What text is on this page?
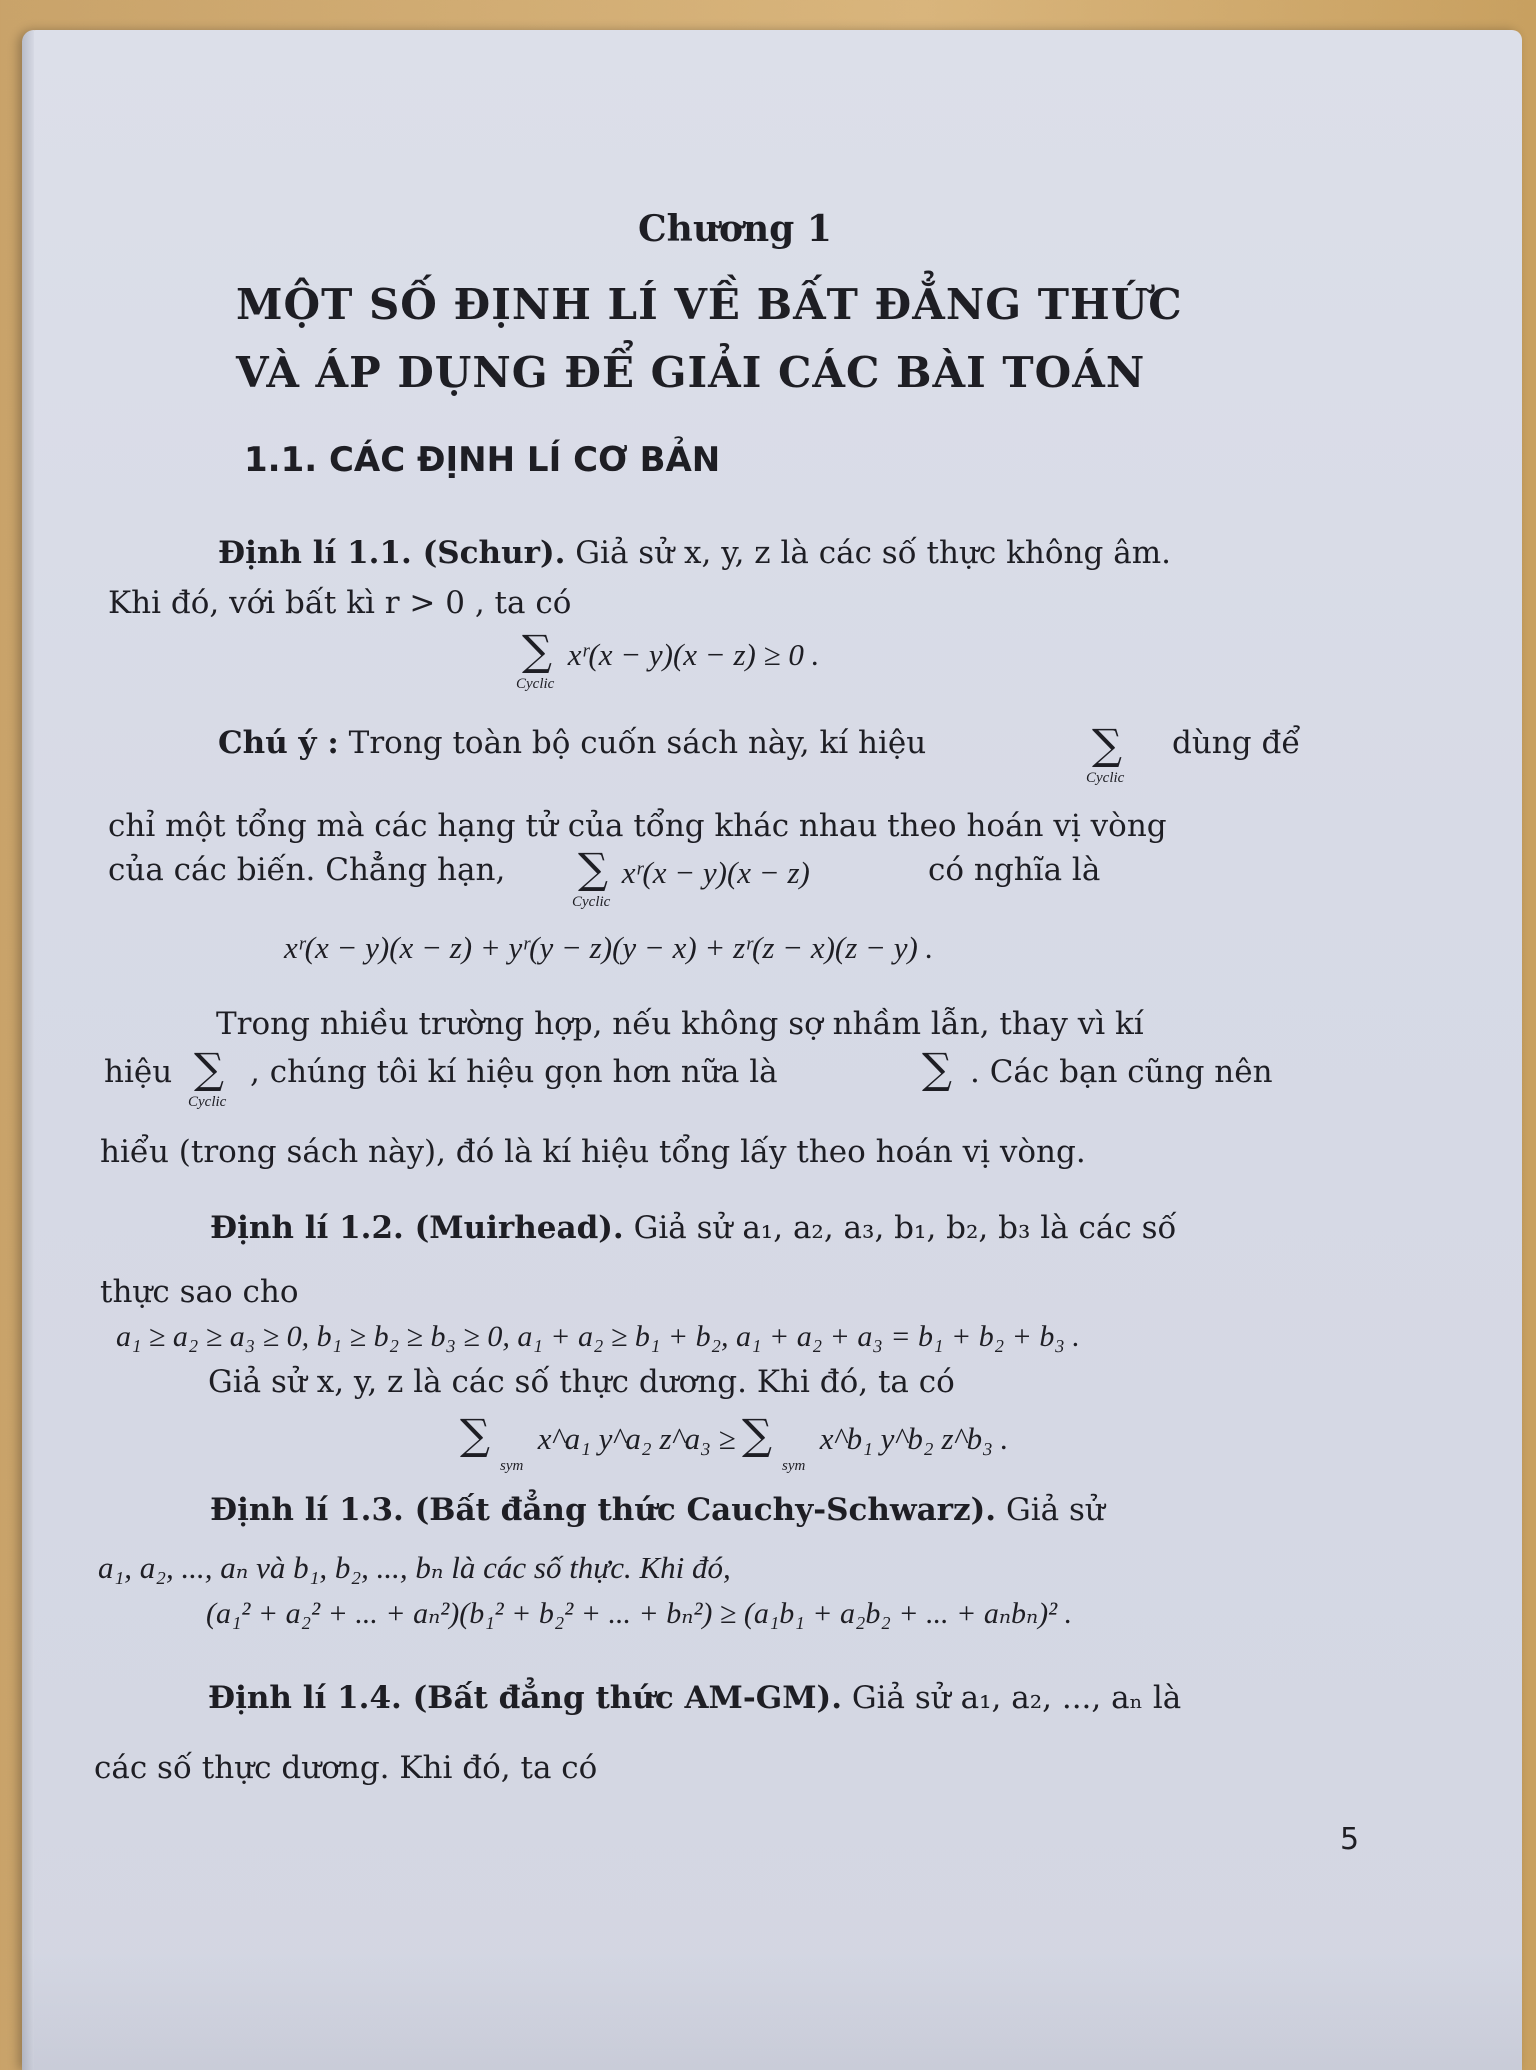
Chương 1
MỘT SỐ ĐỊNH LÍ VỀ BẤT ĐẲNG THỨC
VÀ ÁP DỤNG ĐỂ GIẢI CÁC BÀI TOÁN
1.1. CÁC ĐỊNH LÍ CƠ BẢN
Định lí 1.1. (Schur). Giả sử x, y, z là các số thực không âm.
Khi đó, với bất kì r > 0 , ta có
∑
Cyclic
xʳ(x − y)(x − z) ≥ 0 .
Chú ý : Trong toàn bộ cuốn sách này, kí hiệu	∑
Cyclic
dùng để
chỉ một tổng mà các hạng tử của tổng khác nhau theo hoán vị vòng
của các biến. Chẳng hạn, ∑
Cyclic
xʳ(x − y)(x − z)	có nghĩa là
xʳ(x − y)(x − z) + yʳ(y − z)(y − x) + zʳ(z − x)(z − y) .
Trong nhiều trường hợp, nếu không sợ nhầm lẫn, thay vì kí
hiệu ∑
Cyclic
, chúng tôi kí hiệu gọn hơn nữa là	∑ . Các bạn cũng nên
hiểu (trong sách này), đó là kí hiệu tổng lấy theo hoán vị vòng.
Định lí 1.2. (Muirhead). Giả sử a₁, a₂, a₃, b₁, b₂, b₃ là các số
thực sao cho
a₁ ≥ a₂ ≥ a₃ ≥ 0, b₁ ≥ b₂ ≥ b₃ ≥ 0, a₁ + a₂ ≥ b₁ + b₂, a₁ + a₂ + a₃ = b₁ + b₂ + b₃ .
Giả sử x, y, z là các số thực dương. Khi đó, ta có
∑
sym
x^a₁ y^a₂ z^a₃ ≥ ∑
sym
x^b₁ y^b₂ z^b₃ .
Định lí 1.3. (Bất đẳng thức Cauchy-Schwarz). Giả sử
a₁, a₂, ..., aₙ và b₁, b₂, ..., bₙ là các số thực. Khi đó,
(a₁² + a₂² + ... + aₙ²)(b₁² + b₂² + ... + bₙ²) ≥ (a₁b₁ + a₂b₂ + ... + aₙbₙ)² .
Định lí 1.4. (Bất đẳng thức AM-GM). Giả sử a₁, a₂, ..., aₙ là
các số thực dương. Khi đó, ta có
5
